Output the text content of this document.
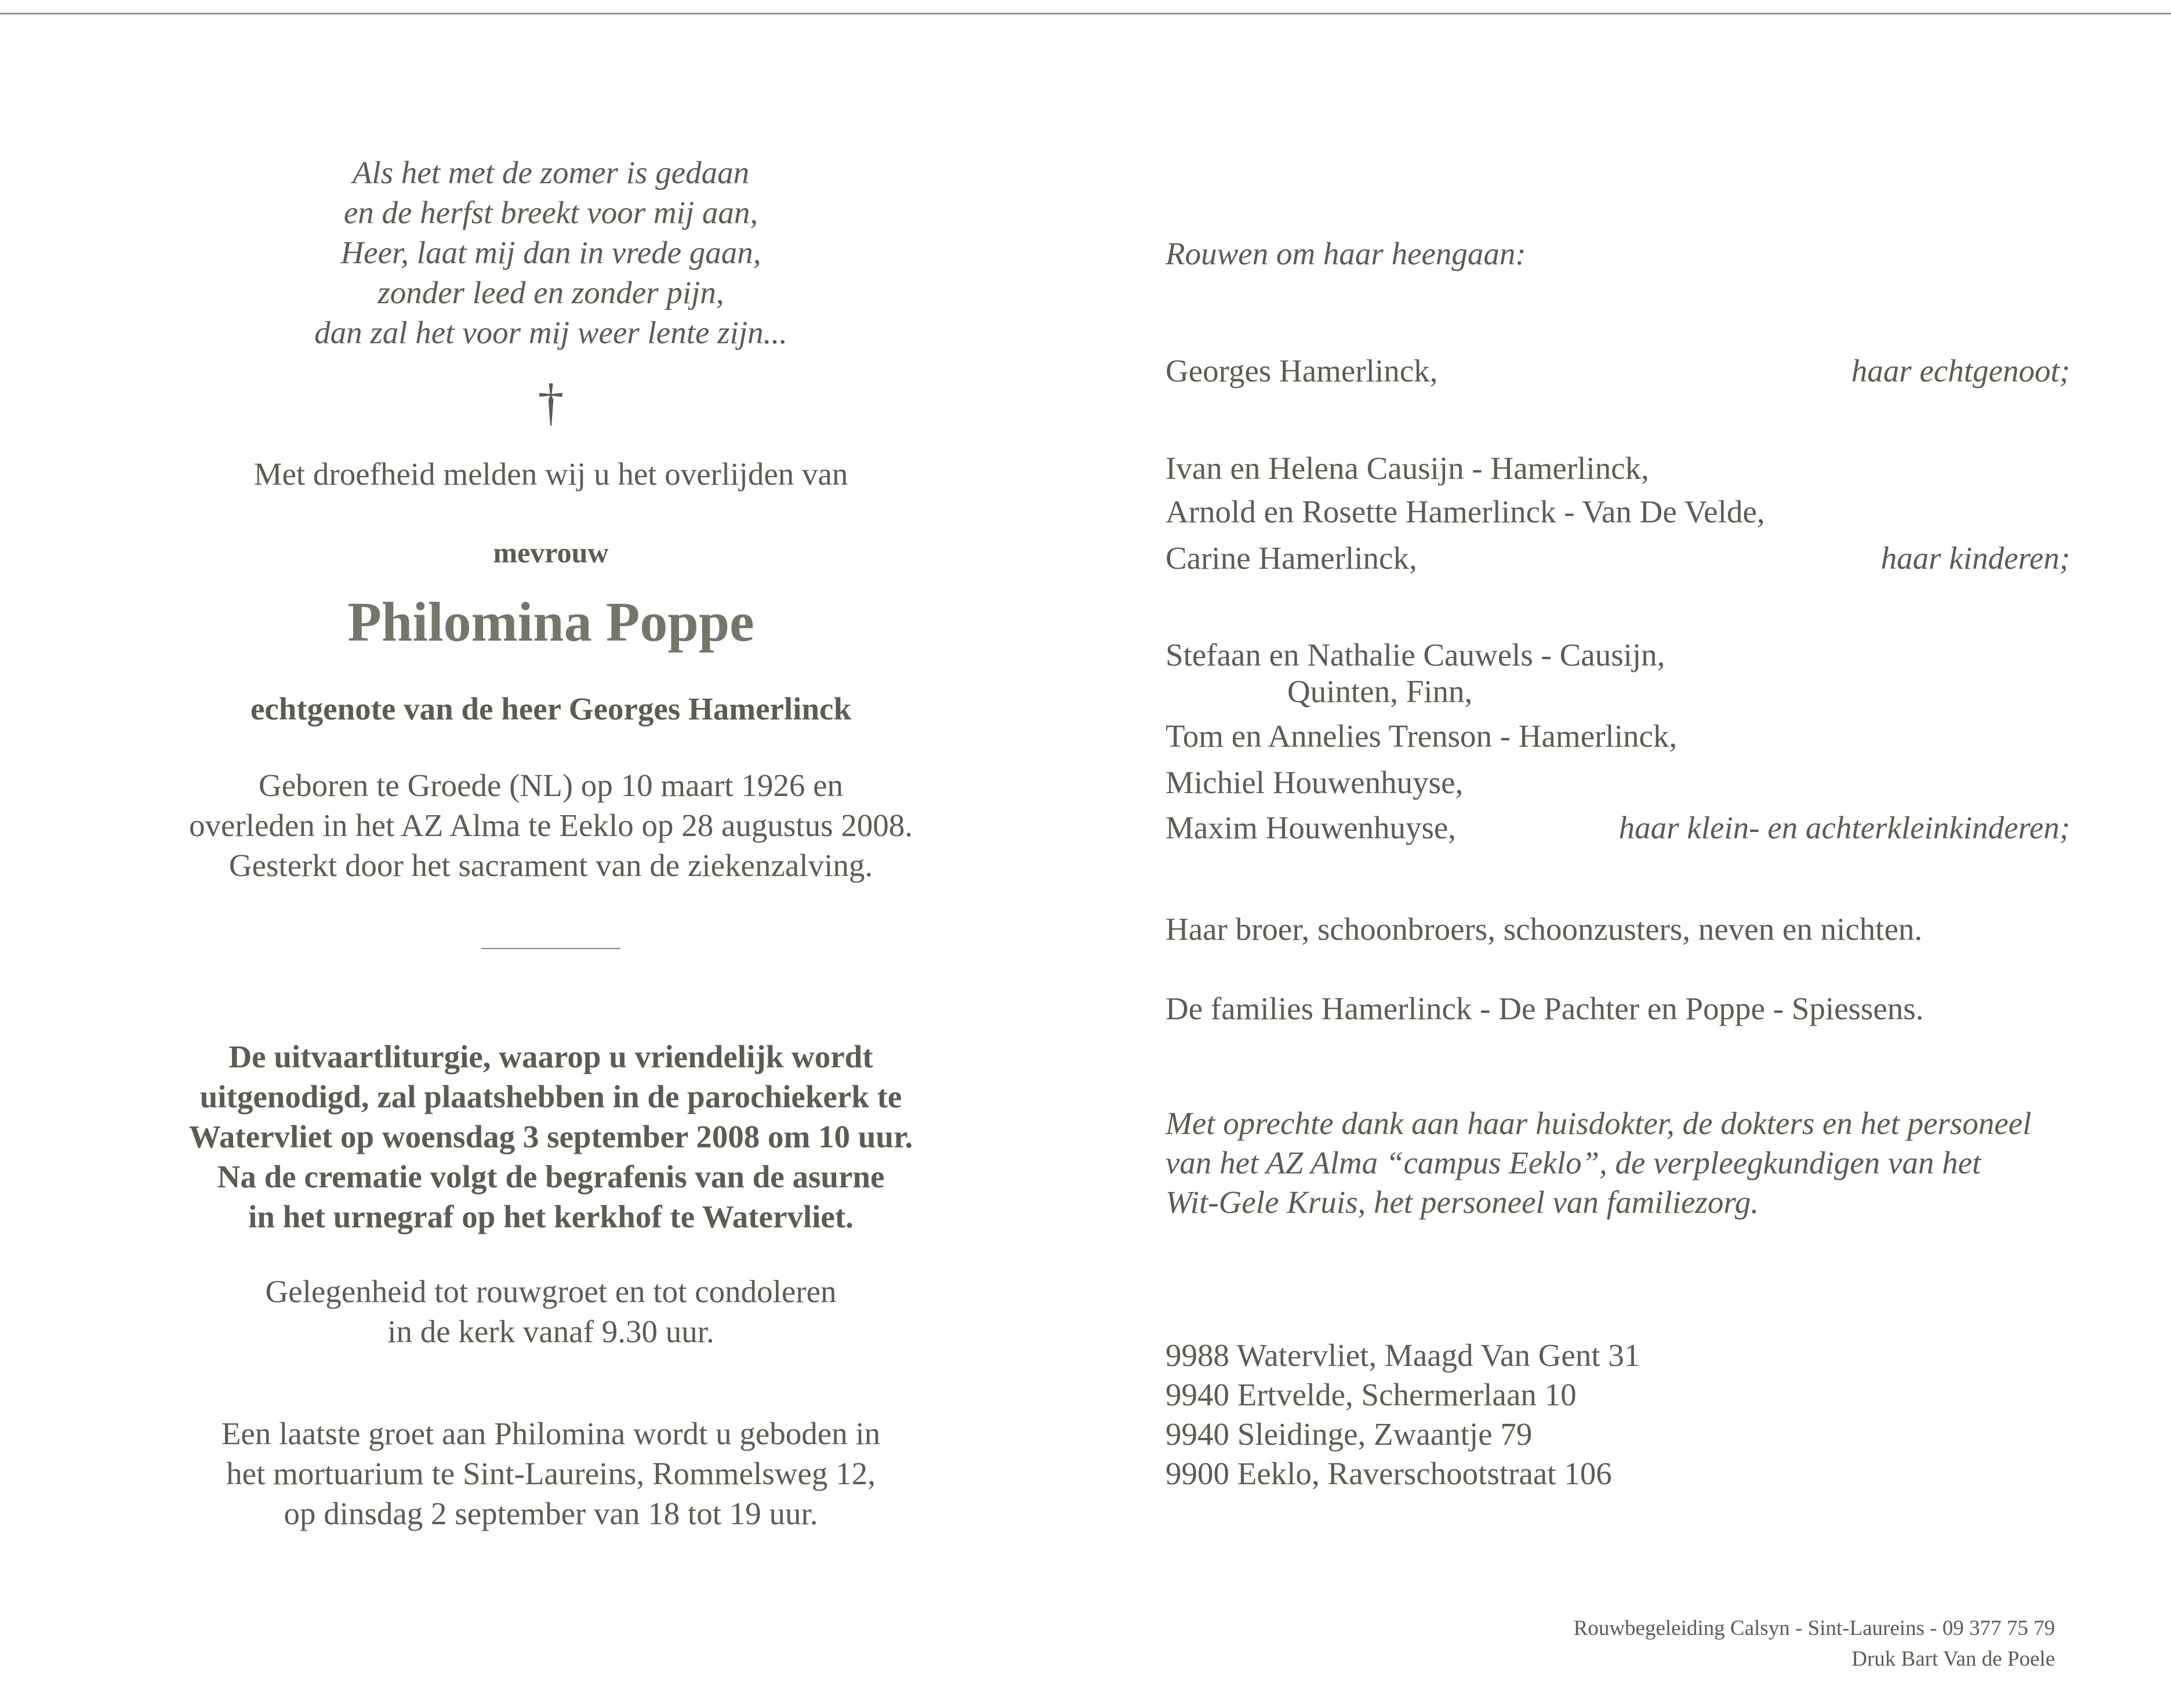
Als het met de zomer is gedaan

en de herfst breekt voor mij aan,

Heer, laat mij dan in vrede gaan,

zonder leed en zonder pijn,

dan zal het voor mij weer lente zijn...

†

Met droefheid melden wij u het overlijden van

mevrouw

Philomina Poppe

echtgenote van de heer Georges Hamerlinck

Geboren te Groede (NL) op 10 maart 1926 en

overleden in het AZ Alma te Eeklo op 28 augustus 2008.

Gesterkt door het sacrament van de ziekenzalving.

De uitvaartliturgie, waarop u vriendelijk wordt

uitgenodigd, zal plaatshebben in de parochiekerk te

Watervliet op woensdag 3 september 2008 om 10 uur.

Na de crematie volgt de begrafenis van de asurne

in het urnegraf op het kerkhof te Watervliet.

Gelegenheid tot rouwgroet en tot condoleren

in de kerk vanaf 9.30 uur.

Een laatste groet aan Philomina wordt u geboden in

het mortuarium te Sint-Laureins, Rommelsweg 12,

op dinsdag 2 september van 18 tot 19 uur.

Rouwen om haar heengaan:

Georges Hamerlinck,	haar echtgenoot;

Ivan en Helena Causijn - Hamerlinck,

Arnold en Rosette Hamerlinck - Van De Velde,

Carine Hamerlinck,	haar kinderen;

Stefaan en Nathalie Cauwels - Causijn,

Quinten, Finn,

Tom en Annelies Trenson - Hamerlinck,

Michiel Houwenhuyse,

Maxim Houwenhuyse,	haar klein- en achterkleinkinderen;

Haar broer, schoonbroers, schoonzusters, neven en nichten.

De families Hamerlinck - De Pachter en Poppe - Spiessens.

Met oprechte dank aan haar huisdokter, de dokters en het personeel

van het AZ Alma “campus Eeklo”, de verpleegkundigen van het

Wit-Gele Kruis, het personeel van familiezorg.

9988 Watervliet, Maagd Van Gent 31

9940 Ertvelde, Schermerlaan 10

9940 Sleidinge, Zwaantje 79

9900 Eeklo, Raverschootstraat 106

Rouwbegeleiding Calsyn - Sint-Laureins - 09 377 75 79

Druk Bart Van de Poele
